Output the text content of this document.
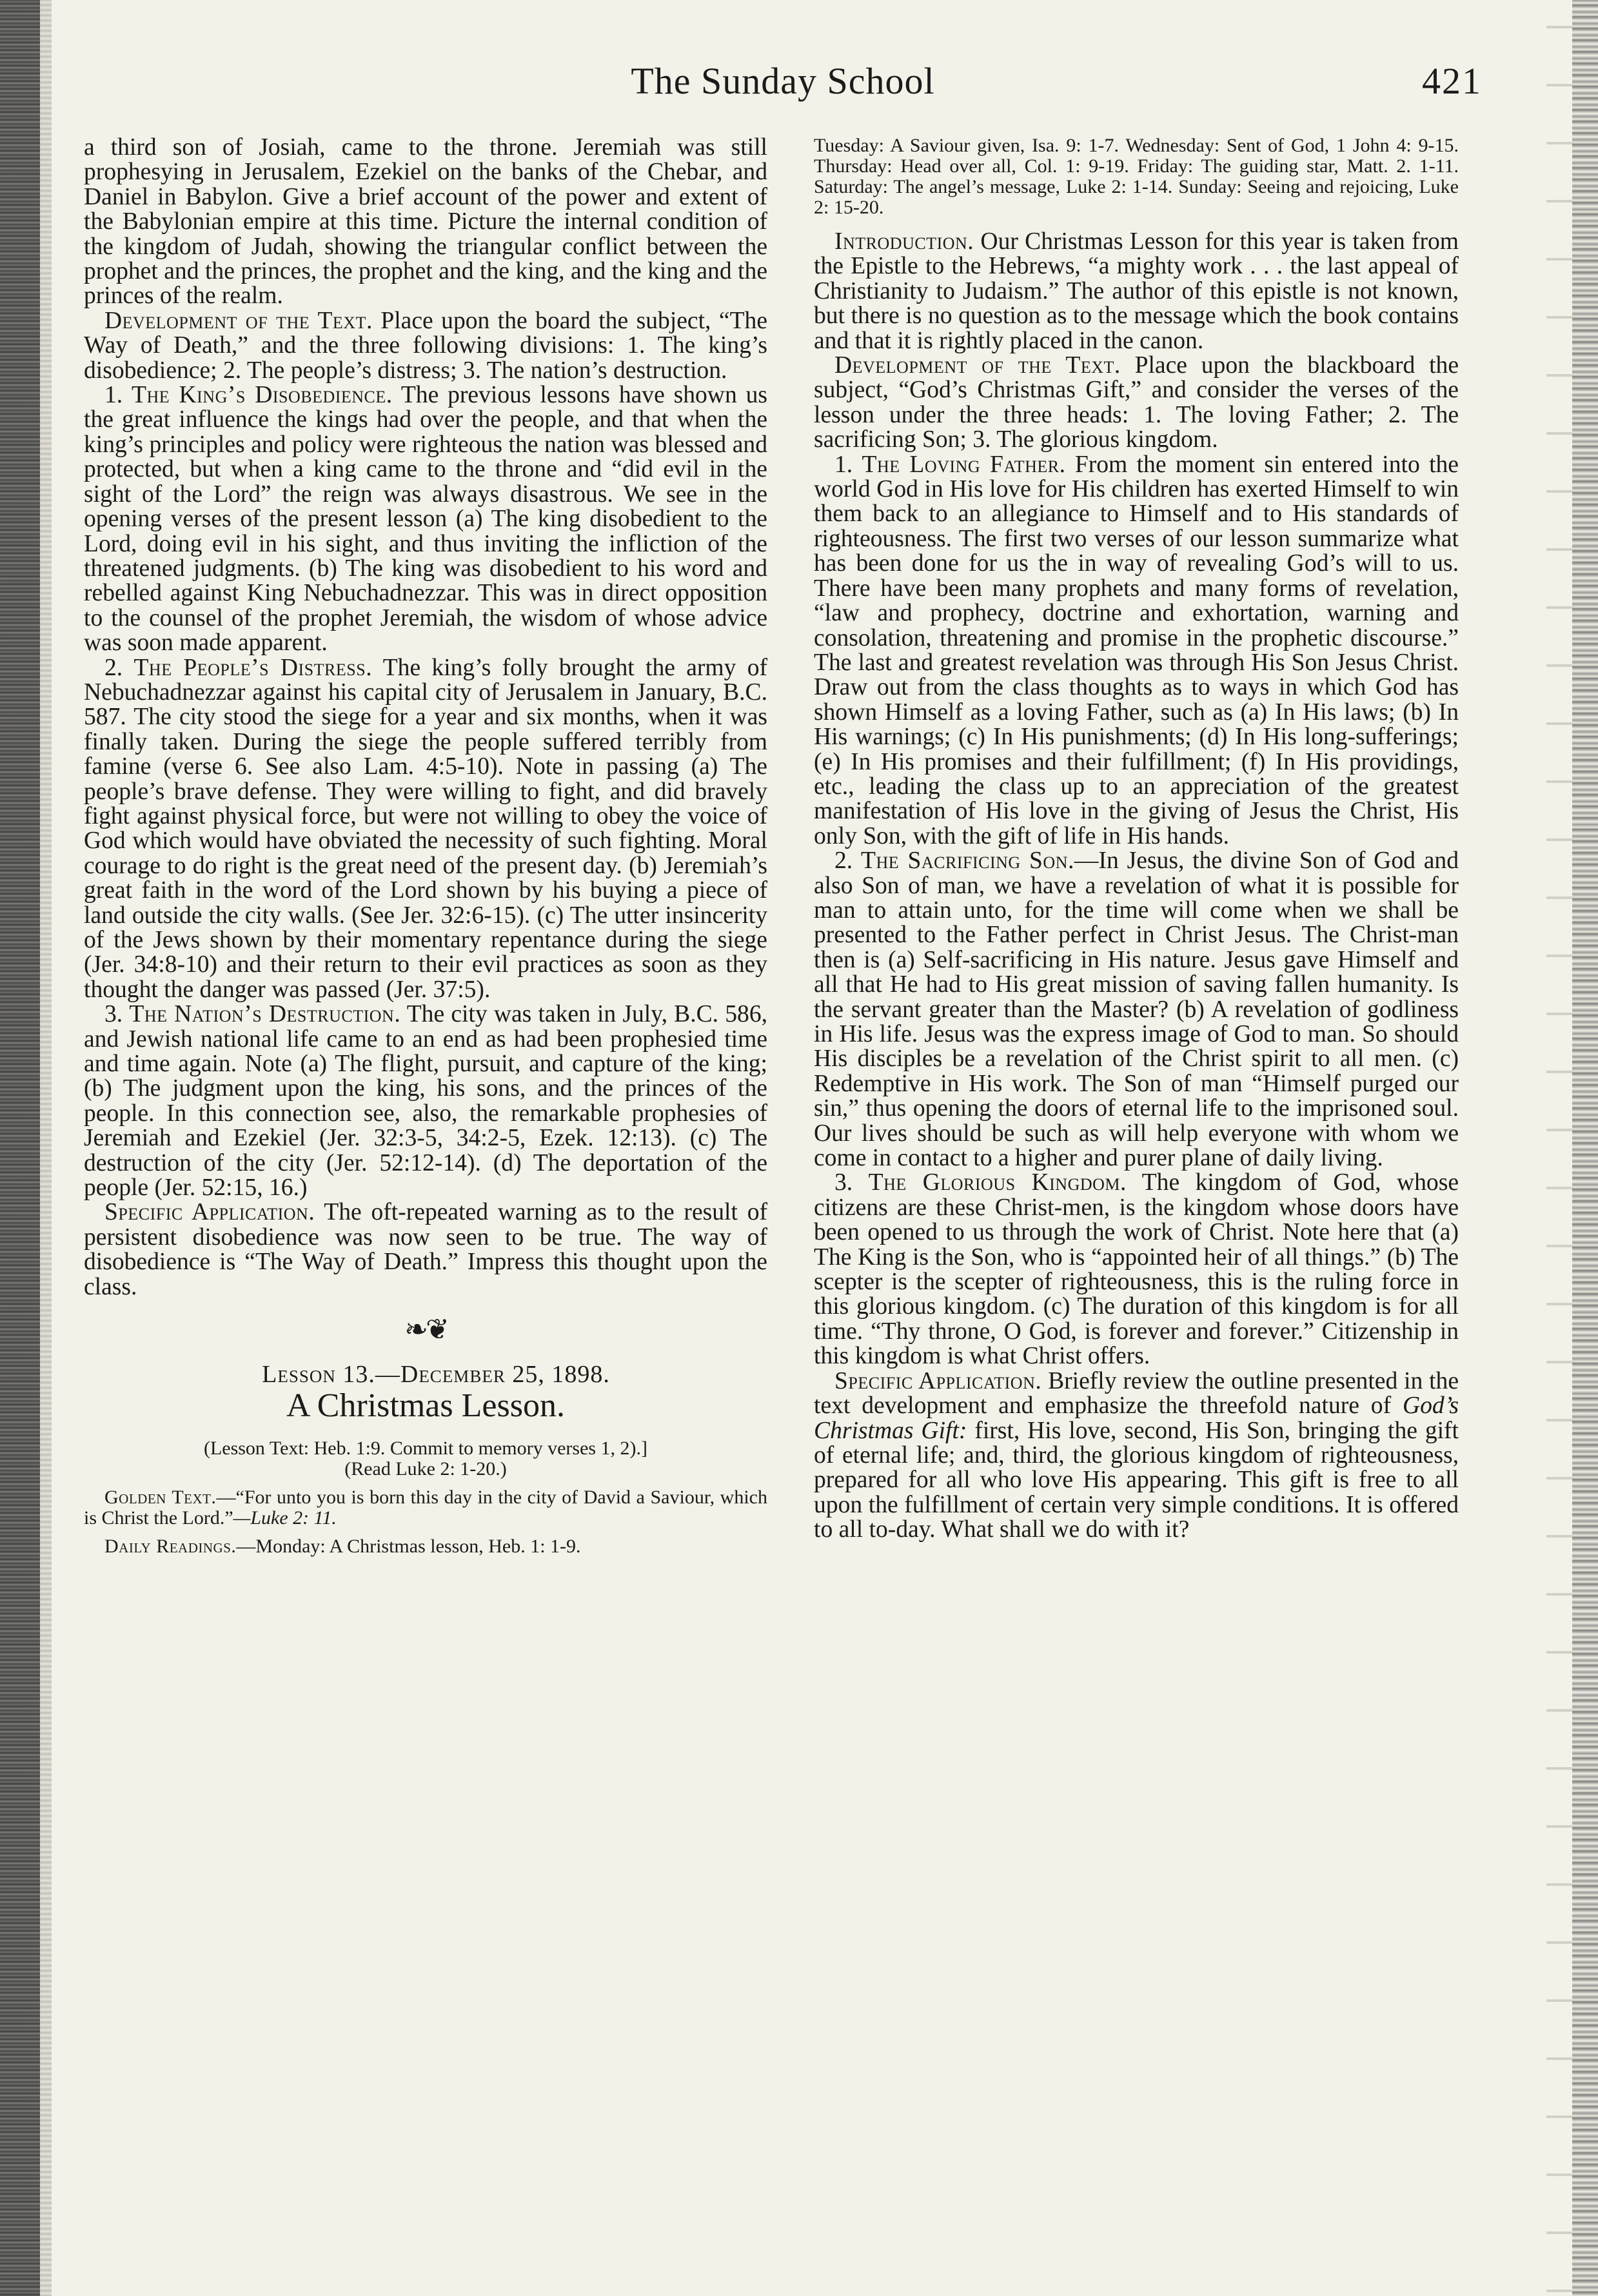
The Sunday School	421

a third son of Josiah, came to the throne. Jeremiah was still prophesying in Jerusalem, Ezekiel on the banks of the Chebar, and Daniel in Babylon. Give a brief account of the power and extent of the Babylonian empire at this time. Picture the internal condition of the kingdom of Judah, showing the triangular conflict between the prophet and the princes, the prophet and the king, and the king and the princes of the realm.

Development of the Text. Place upon the board the subject, “The Way of Death,” and the three following divisions: 1. The king’s disobedience; 2. The people’s distress; 3. The nation’s destruction.

1. The King’s Disobedience. The previous lessons have shown us the great influence the kings had over the people, and that when the king’s principles and policy were righteous the nation was blessed and protected, but when a king came to the throne and “did evil in the sight of the Lord” the reign was always disastrous. We see in the opening verses of the present lesson (a) The king disobedient to the Lord, doing evil in his sight, and thus inviting the infliction of the threatened judgments. (b) The king was disobedient to his word and rebelled against King Nebuchadnezzar. This was in direct opposition to the counsel of the prophet Jeremiah, the wisdom of whose advice was soon made apparent.

2. The People’s Distress. The king’s folly brought the army of Nebuchadnezzar against his capital city of Jerusalem in January, B.C. 587. The city stood the siege for a year and six months, when it was finally taken. During the siege the people suffered terribly from famine (verse 6. See also Lam. 4:5-10). Note in passing (a) The people’s brave defense. They were willing to fight, and did bravely fight against physical force, but were not willing to obey the voice of God which would have obviated the necessity of such fighting. Moral courage to do right is the great need of the present day. (b) Jeremiah’s great faith in the word of the Lord shown by his buying a piece of land outside the city walls. (See Jer. 32:6-15). (c) The utter insincerity of the Jews shown by their momentary repentance during the siege (Jer. 34:8-10) and their return to their evil practices as soon as they thought the danger was passed (Jer. 37:5).

3. The Nation’s Destruction. The city was taken in July, B.C. 586, and Jewish national life came to an end as had been prophesied time and time again. Note (a) The flight, pursuit, and capture of the king; (b) The judgment upon the king, his sons, and the princes of the people. In this connection see, also, the remarkable prophesies of Jeremiah and Ezekiel (Jer. 32:3-5, 34:2-5, Ezek. 12:13). (c) The destruction of the city (Jer. 52:12-14). (d) The deportation of the people (Jer. 52:15, 16.)

Specific Application. The oft-repeated warning as to the result of persistent disobedience was now seen to be true. The way of disobedience is “The Way of Death.” Impress this thought upon the class.

❧❦

Lesson 13.—December 25, 1898.

A Christmas Lesson.

(Lesson Text: Heb. 1:9. Commit to memory verses 1, 2).]

(Read Luke 2: 1-20.)

Golden Text.—“For unto you is born this day in the city of David a Saviour, which is Christ the Lord.”—Luke 2: 11.

Daily Readings.—Monday: A Christmas lesson, Heb. 1: 1-9.

Tuesday: A Saviour given, Isa. 9: 1-7. Wednesday: Sent of God, 1 John 4: 9-15. Thursday: Head over all, Col. 1: 9-19. Friday: The guiding star, Matt. 2. 1-11. Saturday: The angel’s message, Luke 2: 1-14. Sunday: Seeing and rejoicing, Luke 2: 15-20.

Introduction. Our Christmas Lesson for this year is taken from the Epistle to the Hebrews, “a mighty work . . . the last appeal of Christianity to Judaism.” The author of this epistle is not known, but there is no question as to the message which the book contains and that it is rightly placed in the canon.

Development of the Text. Place upon the blackboard the subject, “God’s Christmas Gift,” and consider the verses of the lesson under the three heads: 1. The loving Father; 2. The sacrificing Son; 3. The glorious kingdom.

1. The Loving Father. From the moment sin entered into the world God in His love for His children has exerted Himself to win them back to an allegiance to Himself and to His standards of righteousness. The first two verses of our lesson summarize what has been done for us the in way of revealing God’s will to us. There have been many prophets and many forms of revelation, “law and prophecy, doctrine and exhortation, warning and consolation, threatening and promise in the prophetic discourse.” The last and greatest revelation was through His Son Jesus Christ. Draw out from the class thoughts as to ways in which God has shown Himself as a loving Father, such as (a) In His laws; (b) In His warnings; (c) In His punishments; (d) In His long-sufferings; (e) In His promises and their fulfillment; (f) In His providings, etc., leading the class up to an appreciation of the greatest manifestation of His love in the giving of Jesus the Christ, His only Son, with the gift of life in His hands.

2. The Sacrificing Son.—In Jesus, the divine Son of God and also Son of man, we have a revelation of what it is possible for man to attain unto, for the time will come when we shall be presented to the Father perfect in Christ Jesus. The Christ-man then is (a) Self-sacrificing in His nature. Jesus gave Himself and all that He had to His great mission of saving fallen humanity. Is the servant greater than the Master? (b) A revelation of godliness in His life. Jesus was the express image of God to man. So should His disciples be a revelation of the Christ spirit to all men. (c) Redemptive in His work. The Son of man “Himself purged our sin,” thus opening the doors of eternal life to the imprisoned soul. Our lives should be such as will help everyone with whom we come in contact to a higher and purer plane of daily living.

3. The Glorious Kingdom. The kingdom of God, whose citizens are these Christ-men, is the kingdom whose doors have been opened to us through the work of Christ. Note here that (a) The King is the Son, who is “appointed heir of all things.” (b) The scepter is the scepter of righteousness, this is the ruling force in this glorious kingdom. (c) The duration of this kingdom is for all time. “Thy throne, O God, is forever and forever.” Citizenship in this kingdom is what Christ offers.

Specific Application. Briefly review the outline presented in the text development and emphasize the threefold nature of God’s Christmas Gift: first, His love, second, His Son, bringing the gift of eternal life; and, third, the glorious kingdom of righteousness, prepared for all who love His appearing. This gift is free to all upon the fulfillment of certain very simple conditions. It is offered to all to-day. What shall we do with it?
